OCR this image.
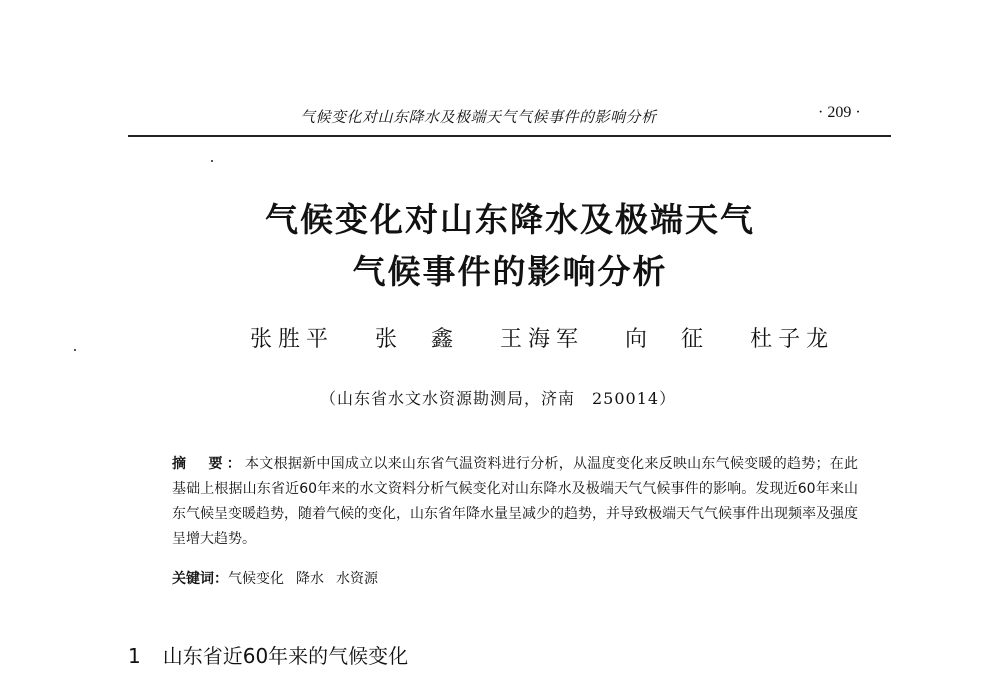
气候变化对山东降水及极端天气气候事件的影响分析	· 209 ·
气候变化对山东降水及极端天气
气候事件的影响分析
张胜平 张　鑫 王海军 向　征 杜子龙
（山东省水文水资源勘测局，济南　250014）
摘　要：本文根据新中国成立以来山东省气温资料进行分析，从温度变化来反映山东气候变暖的趋势；在此基础上根据山东省近60年来的水文资料分析气候变化对山东降水及极端天气气候事件的影响。发现近60年来山东气候呈变暖趋势，随着气候的变化，山东省年降水量呈减少的趋势，并导致极端天气气候事件出现频率及强度呈增大趋势。
关键词：气候变化 降水 水资源
1 山东省近60年来的气候变化
